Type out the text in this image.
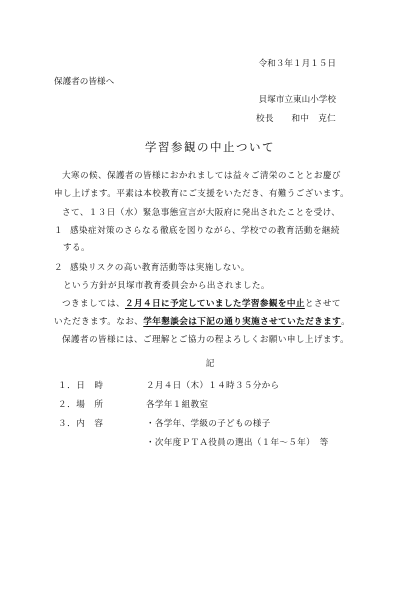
令和３年１月１５日
保護者の皆様へ
貝塚市立東山小学校
校長　　和中　克仁
学習参観の中止ついて
大寒の候、保護者の皆様におかれましては益々ご清栄のこととお慶び
申し上げます。平素は本校教育にご支援をいただき、有難うございます。
さて、１３日（水）緊急事態宣言が大阪府に発出されたことを受け、
１ 感染症対策のさらなる徹底を図りながら、学校での教育活動を継続
する。
２ 感染リスクの高い教育活動等は実施しない。
という方針が貝塚市教育委員会から出されました。
つきましては、２月４日に予定していました学習参観を中止とさせて
いただきます。なお、学年懇談会は下記の通り実施させていただきます。
保護者の皆様には、ご理解とご協力の程よろしくお願い申し上げます。
記
１．日　時	２月４日（木）１４時３５分から
２．場　所	各学年１組教室
３．内　容	・各学年、学級の子どもの様子
・次年度ＰＴＡ役員の選出（１年〜５年）　等
